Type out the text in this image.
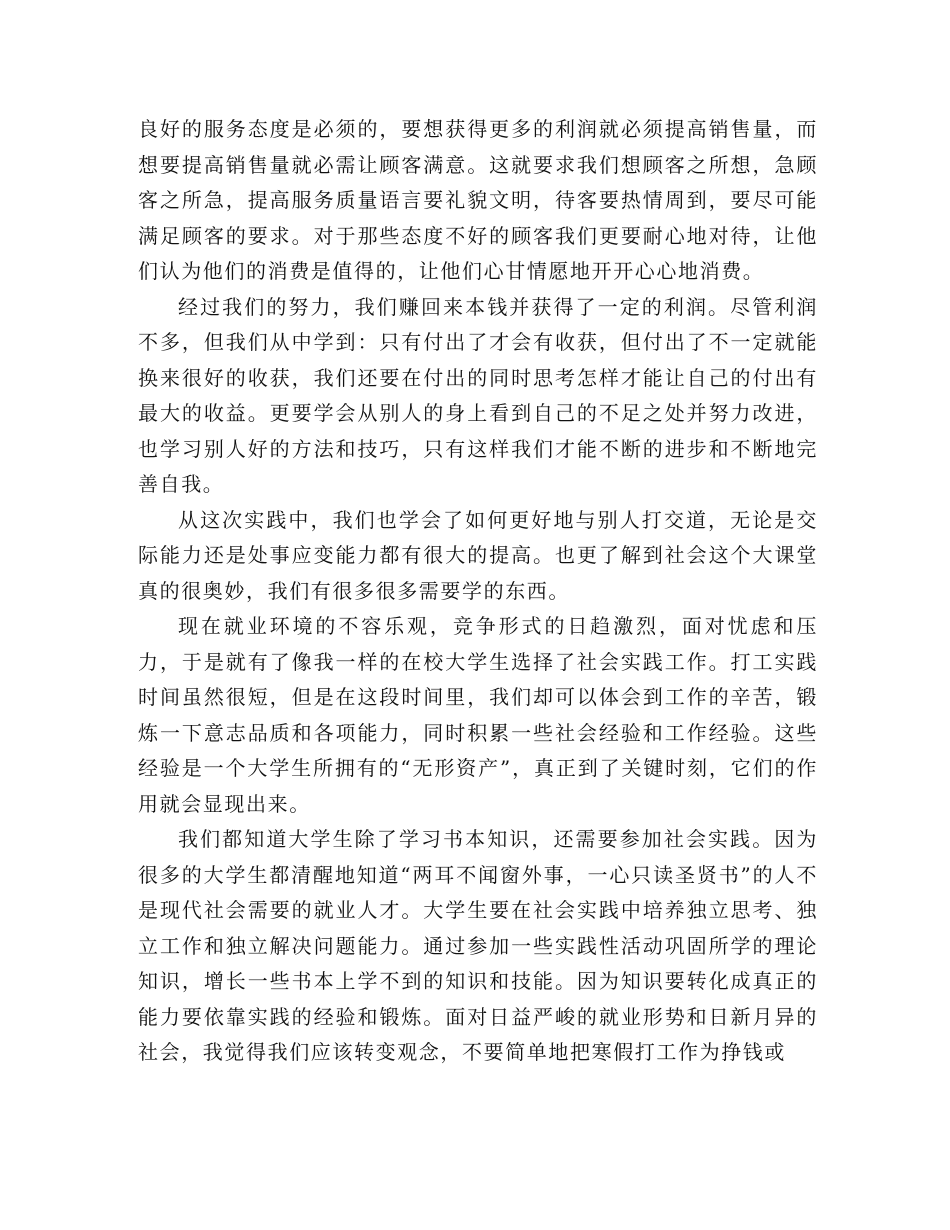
良好的服务态度是必须的，要想获得更多的利润就必须提高销售量，而想要提高销售量就必需让顾客满意。这就要求我们想顾客之所想，急顾客之所急，提高服务质量语言要礼貌文明，待客要热情周到，要尽可能满足顾客的要求。对于那些态度不好的顾客我们更要耐心地对待，让他们认为他们的消费是值得的，让他们心甘情愿地开开心心地消费。

经过我们的努力，我们赚回来本钱并获得了一定的利润。尽管利润不多，但我们从中学到：只有付出了才会有收获，但付出了不一定就能换来很好的收获，我们还要在付出的同时思考怎样才能让自己的付出有最大的收益。更要学会从别人的身上看到自己的不足之处并努力改进，也学习别人好的方法和技巧，只有这样我们才能不断的进步和不断地完善自我。

从这次实践中，我们也学会了如何更好地与别人打交道，无论是交际能力还是处事应变能力都有很大的提高。也更了解到社会这个大课堂真的很奥妙，我们有很多很多需要学的东西。

现在就业环境的不容乐观，竞争形式的日趋激烈，面对忧虑和压力，于是就有了像我一样的在校大学生选择了社会实践工作。打工实践时间虽然很短，但是在这段时间里，我们却可以体会到工作的辛苦，锻炼一下意志品质和各项能力，同时积累一些社会经验和工作经验。这些经验是一个大学生所拥有的“无形资产”，真正到了关键时刻，它们的作用就会显现出来。

我们都知道大学生除了学习书本知识，还需要参加社会实践。因为很多的大学生都清醒地知道“两耳不闻窗外事，一心只读圣贤书”的人不是现代社会需要的就业人才。大学生要在社会实践中培养独立思考、独立工作和独立解决问题能力。通过参加一些实践性活动巩固所学的理论知识，增长一些书本上学不到的知识和技能。因为知识要转化成真正的能力要依靠实践的经验和锻炼。面对日益严峻的就业形势和日新月异的社会，我觉得我们应该转变观念，不要简单地把寒假打工作为挣钱或
